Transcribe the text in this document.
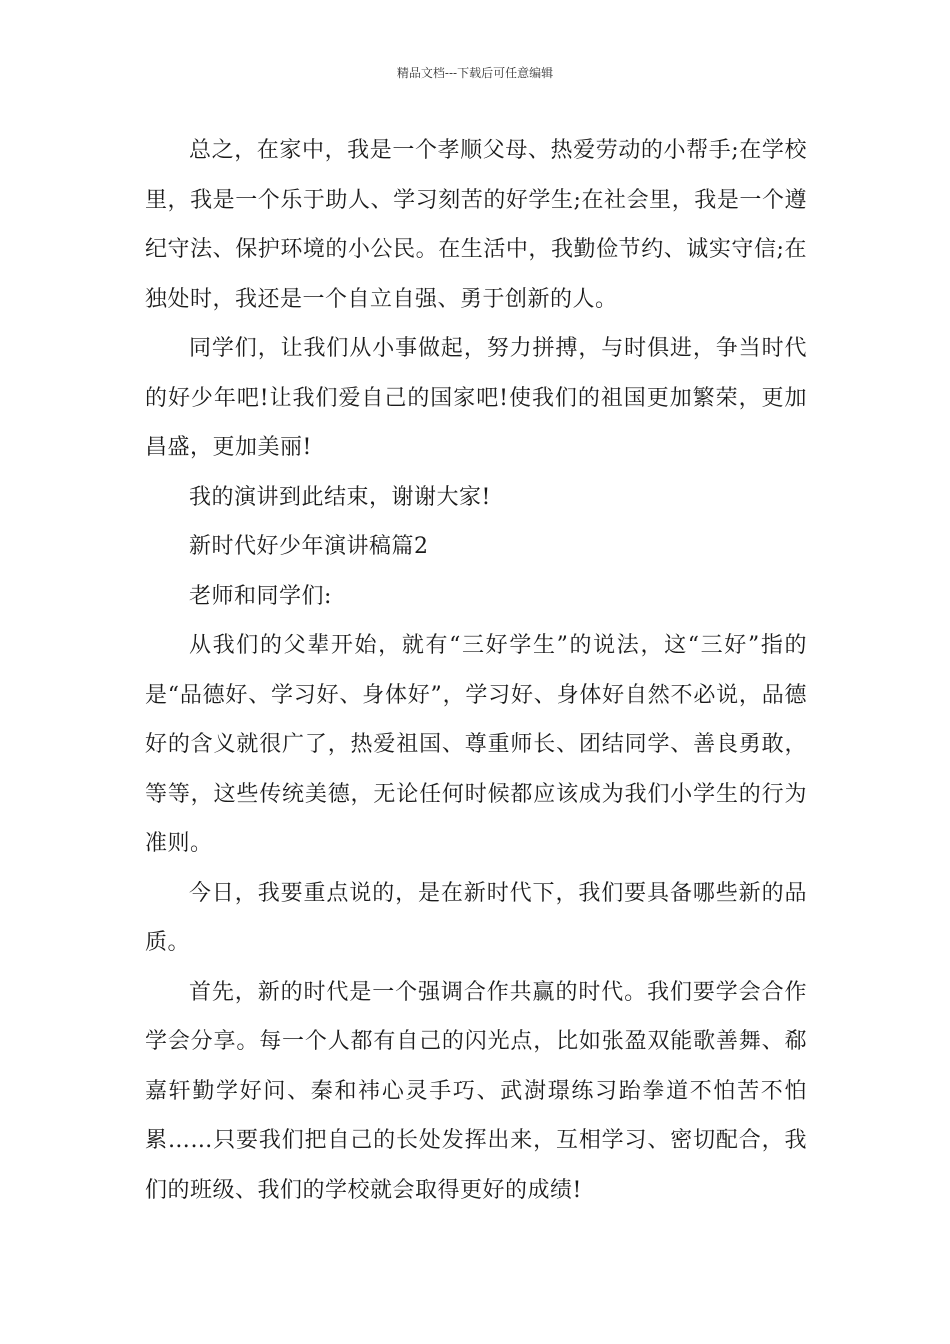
精品文档---下载后可任意编辑

总之，在家中，我是一个孝顺父母、热爱劳动的小帮手;在学校里，我是一个乐于助人、学习刻苦的好学生;在社会里，我是一个遵纪守法、保护环境的小公民。在生活中，我勤俭节约、诚实守信;在独处时，我还是一个自立自强、勇于创新的人。

同学们，让我们从小事做起，努力拼搏，与时俱进，争当时代的好少年吧!让我们爱自己的国家吧!使我们的祖国更加繁荣，更加昌盛，更加美丽!

我的演讲到此结束，谢谢大家!

新时代好少年演讲稿篇2

老师和同学们:

从我们的父辈开始，就有“三好学生”的说法，这“三好”指的是“品德好、学习好、身体好”，学习好、身体好自然不必说，品德好的含义就很广了，热爱祖国、尊重师长、团结同学、善良勇敢，等等，这些传统美德，无论任何时候都应该成为我们小学生的行为准则。

今日，我要重点说的，是在新时代下，我们要具备哪些新的品质。

首先，新的时代是一个强调合作共赢的时代。我们要学会合作学会分享。每一个人都有自己的闪光点，比如张盈双能歌善舞、郗嘉轩勤学好问、秦和祎心灵手巧、武澍璟练习跆拳道不怕苦不怕累……只要我们把自己的长处发挥出来，互相学习、密切配合，我们的班级、我们的学校就会取得更好的成绩!
